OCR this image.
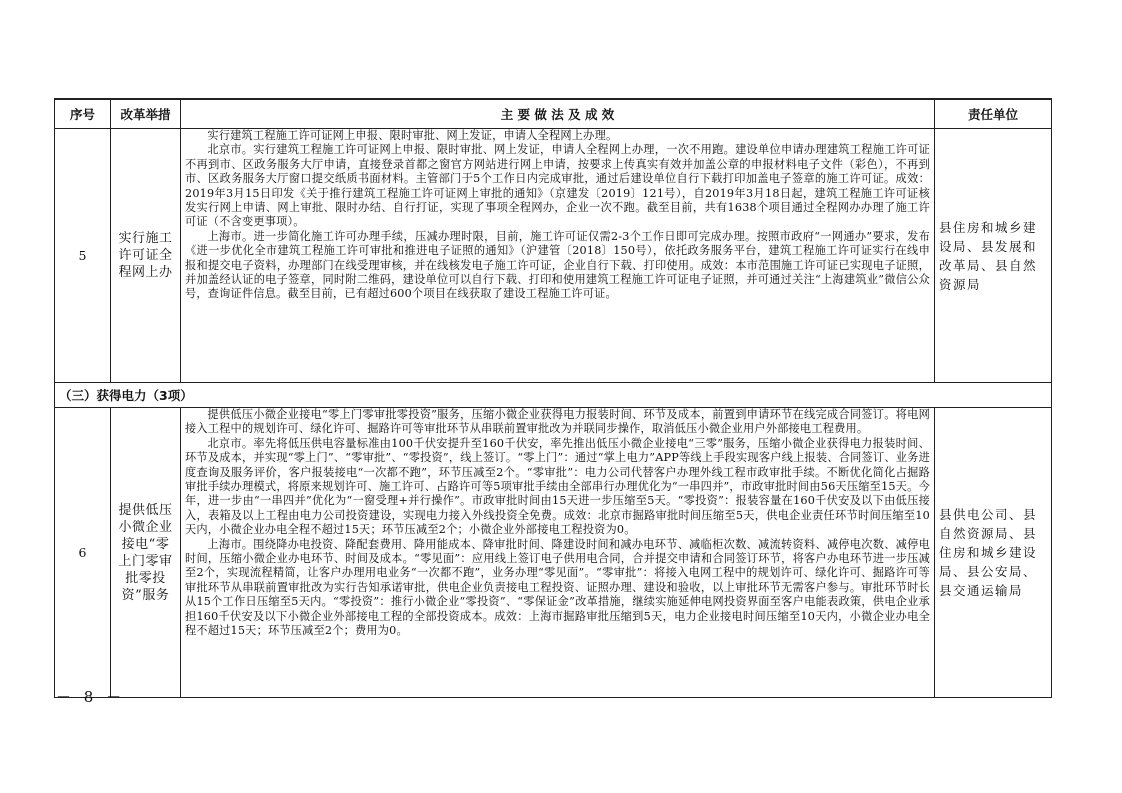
序号	改革举措	主 要 做 法 及 成 效	责任单位
5	实行施工许可证全程网上办	实行建筑工程施工许可证网上申报、限时审批、网上发证，申请人全程网上办理。

北京市。实行建筑工程施工许可证网上申报、限时审批、网上发证，申请人全程网上办理，一次不用跑。建设单位申请办理建筑工程施工许可证不再到市、区政务服务大厅申请，直接登录首都之窗官方网站进行网上申请，按要求上传真实有效并加盖公章的申报材料电子文件（彩色），不再到市、区政务服务大厅窗口提交纸质书面材料。主管部门于5个工作日内完成审批，通过后建设单位自行下载打印加盖电子签章的施工许可证。成效：2019年3月15日印发《关于推行建筑工程施工许可证网上审批的通知》（京建发〔2019〕121号），自2019年3月18日起，建筑工程施工许可证核发实行网上申请、网上审批、限时办结、自行打证，实现了事项全程网办，企业一次不跑。截至目前，共有1638个项目通过全程网办办理了施工许可证（不含变更事项）。

上海市。进一步简化施工许可办理手续，压减办理时限，目前，施工许可证仅需2-3个工作日即可完成办理。按照市政府“一网通办”要求，发布《进一步优化全市建筑工程施工许可审批和推进电子证照的通知》（沪建管〔2018〕150号），依托政务服务平台，建筑工程施工许可证实行在线申报和提交电子资料，办理部门在线受理审核，并在线核发电子施工许可证，企业自行下载、打印使用。成效：本市范围施工许可证已实现电子证照，并加盖经认证的电子签章，同时附二维码，建设单位可以自行下载、打印和使用建筑工程施工许可证电子证照，并可通过关注“上海建筑业”微信公众号，查询证件信息。截至目前，已有超过600个项目在线获取了建设工程施工许可证。	县住房和城乡建设局、县发展和改革局、县自然资源局
（三）获得电力（3项）			
6	提供低压小微企业接电“零上门零审批零投资”服务	提供低压小微企业接电“零上门零审批零投资”服务，压缩小微企业获得电力报装时间、环节及成本，前置到申请环节在线完成合同签订。将电网接入工程中的规划许可、绿化许可、掘路许可等审批环节从串联前置审批改为并联同步操作，取消低压小微企业用户外部接电工程费用。

北京市。率先将低压供电容量标准由100千伏安提升至160千伏安，率先推出低压小微企业接电“三零”服务，压缩小微企业获得电力报装时间、环节及成本，并实现“零上门”、“零审批”、“零投资”，线上签订。“零上门”：通过“掌上电力”APP等线上手段实现客户线上报装、合同签订、业务进度查询及服务评价，客户报装接电“一次都不跑”，环节压减至2个。“零审批”：电力公司代替客户办理外线工程市政审批手续。不断优化简化占掘路审批手续办理模式，将原来规划许可、施工许可、占路许可等5项审批手续由全部串行办理优化为“一串四并”，市政审批时间由56天压缩至15天。今年，进一步由“一串四并”优化为“一窗受理+并行操作”。市政审批时间由15天进一步压缩至5天。“零投资”：报装容量在160千伏安及以下由低压接入，表箱及以上工程由电力公司投资建设，实现电力接入外线投资全免费。成效：北京市掘路审批时间压缩至5天，供电企业责任环节时间压缩至10天内，小微企业办电全程不超过15天；环节压减至2个；小微企业外部接电工程投资为0。

上海市。围绕降办电投资、降配套费用、降用能成本、降审批时间、降建设时间和减办电环节、减临柜次数、减流转资料、减停电次数、减停电时间，压缩小微企业办电环节、时间及成本。“零见面”：应用线上签订电子供用电合同，合并提交申请和合同签订环节，将客户办电环节进一步压减至2个，实现流程精简，让客户办理用电业务“一次都不跑”，业务办理“零见面”。“零审批”：将接入电网工程中的规划许可、绿化许可、掘路许可等审批环节从串联前置审批改为实行告知承诺审批，供电企业负责接电工程投资、证照办理、建设和验收，以上审批环节无需客户参与。审批环节时长从15个工作日压缩至5天内。“零投资”：推行小微企业“零投资”、“零保证金”改革措施，继续实施延伸电网投资界面至客户电能表政策，供电企业承担160千伏安及以下小微企业外部接电工程的全部投资成本。成效：上海市掘路审批压缩到5天，电力企业接电时间压缩至10天内，小微企业办电全程不超过15天；环节压减至2个；费用为0。	县供电公司、县自然资源局、县住房和城乡建设局、县公安局、县交通运输局
－ 8 －
